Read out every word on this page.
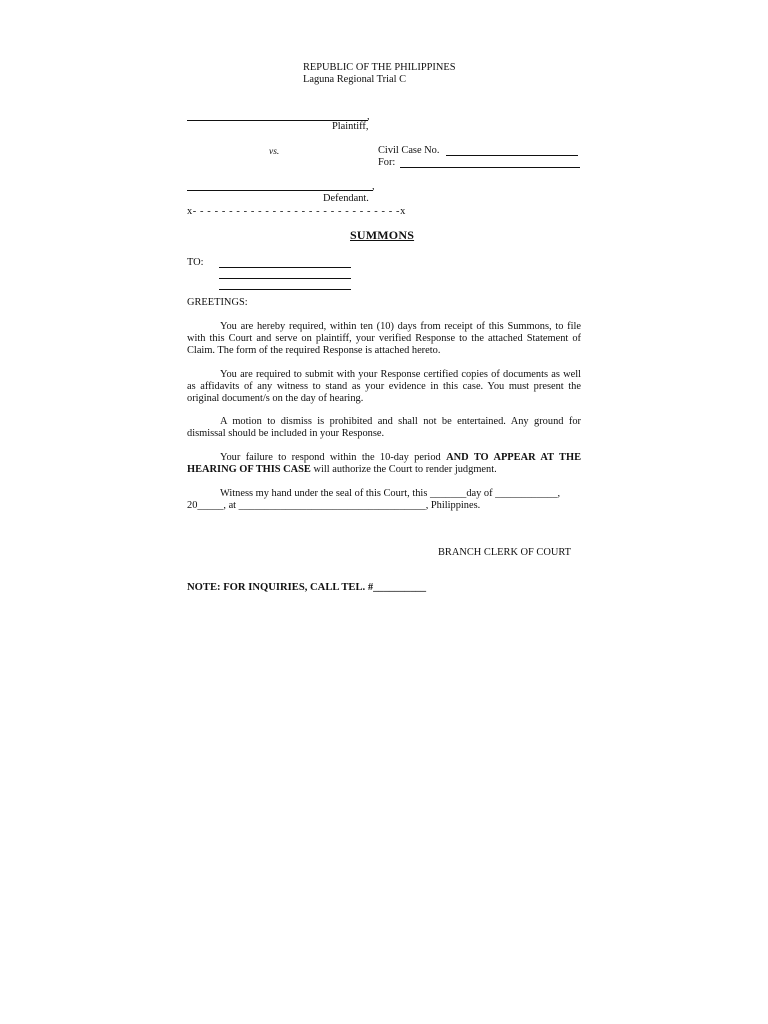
REPUBLIC OF THE PHILIPPINES
Laguna Regional Trial C
,
Plaintiff,
vs.	Civil Case No.
For:
,
Defendant.
x- - - - - - - - - - - - - - - - - - - - - - - - - - - - -x
SUMMONS
TO:
GREETINGS:
You are hereby required, within ten (10) days from receipt of this Summons, to file with this Court and serve on plaintiff, your verified Response to the attached Statement of Claim. The form of the required Response is attached hereto.
You are required to submit with your Response certified copies of documents as well as affidavits of any witness to stand as your evidence in this case. You must present the original document/s on the day of hearing.
A motion to dismiss is prohibited and shall not be entertained. Any ground for dismissal should be included in your Response.
Your failure to respond within the 10-day period AND TO APPEAR AT THE HEARING OF THIS CASE will authorize the Court to render judgment.
Witness my hand under the seal of this Court, this _______day of ____________,
20_____, at ____________________________________, Philippines.
BRANCH CLERK OF COURT
NOTE: FOR INQUIRIES, CALL TEL. #__________
